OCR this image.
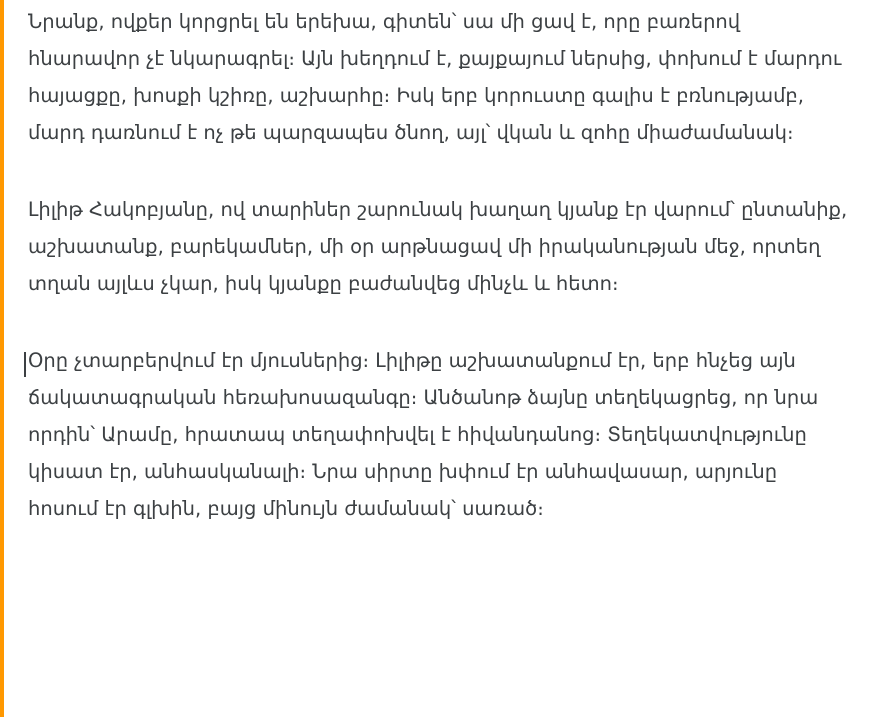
Նրանք, ովքեր կորցրել են երեխա, գիտեն՝ սա մի ցավ է, որը բառերով հնարավոր չէ նկարագրել։ Այն խեղդում է, քայքայում ներսից, փոխում է մարդու հայացքը, խոսքի կշիռը, աշխարհը։ Իսկ երբ կորուստը գալիս է բռնությամբ, մարդ դառնում է ոչ թե պարզապես ծնող, այլ՝ վկան և զոհը միաժամանակ։

Լիլիթ Հակոբյանը, ով տարիներ շարունակ խաղաղ կյանք էր վարում՝ ընտանիք, աշխատանք, բարեկամներ, մի օր արթնացավ մի իրականության մեջ, որտեղ տղան այլևս չկար, իսկ կյանքը բաժանվեց մինչև և հետո։

Օրը չտարբերվում էր մյուսներից։ Լիլիթը աշխատանքում էր, երբ հնչեց այն ճակատագրական հեռախոսազանգը։ Անծանոթ ձայնը տեղեկացրեց, որ նրա որդին՝ Արամը, հրատապ տեղափոխվել է հիվանդանոց։ Տեղեկատվությունը կիսատ էր, անհասկանալի։ Նրա սիրտը խփում էր անհավասար, արյունը հոսում էր գլխին, բայց մինույն ժամանակ՝ սառած։
